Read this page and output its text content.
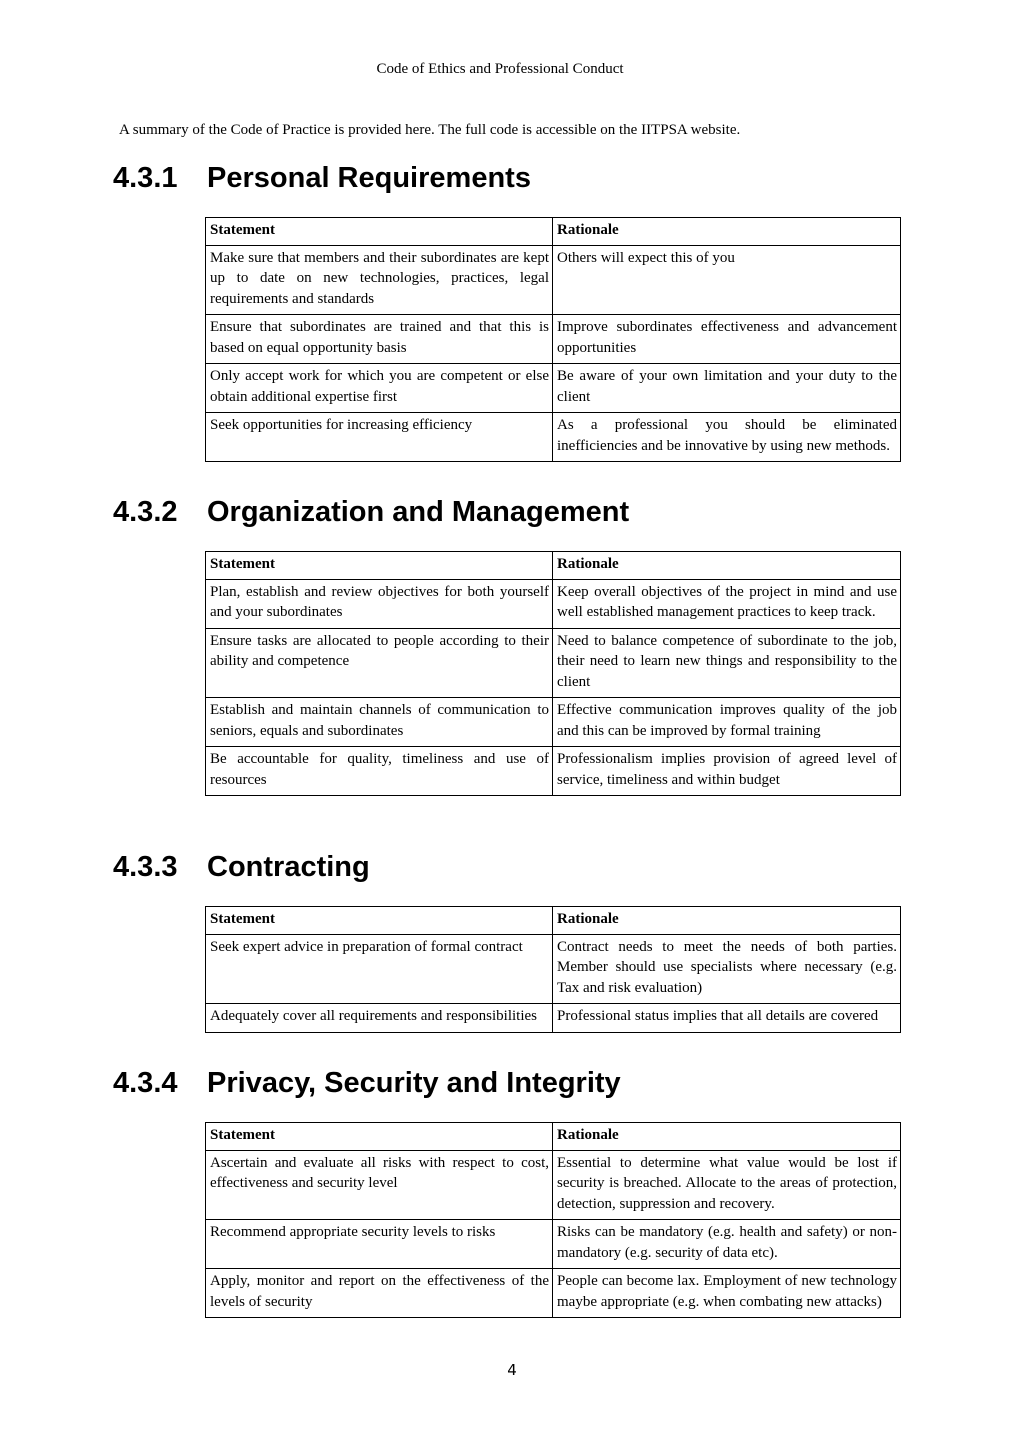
Code of Ethics and Professional Conduct
A summary of the Code of Practice is provided here. The full code is accessible on the IITPSA website.
4.3.1 Personal Requirements
Statement	Rationale
Make sure that members and their subordinates are kept up to date on new technologies, practices, legal requirements and standards	Others will expect this of you
Ensure that subordinates are trained and that this is based on equal opportunity basis	Improve subordinates effectiveness and advancement opportunities
Only accept work for which you are competent or else obtain additional expertise first	Be aware of your own limitation and your duty to the client
Seek opportunities for increasing efficiency	As a professional you should be eliminated inefficiencies and be innovative by using new methods.
4.3.2 Organization and Management
Statement	Rationale
Plan, establish and review objectives for both yourself and your subordinates	Keep overall objectives of the project in mind and use well established management practices to keep track.
Ensure tasks are allocated to people according to their ability and competence	Need to balance competence of subordinate to the job, their need to learn new things and responsibility to the client
Establish and maintain channels of communication to seniors, equals and subordinates	Effective communication improves quality of the job and this can be improved by formal training
Be accountable for quality, timeliness and use of resources	Professionalism implies provision of agreed level of service, timeliness and within budget
4.3.3 Contracting
Statement	Rationale
Seek expert advice in preparation of formal contract	Contract needs to meet the needs of both parties. Member should use specialists where necessary (e.g. Tax and risk evaluation)
Adequately cover all requirements and responsibilities	Professional status implies that all details are covered
4.3.4 Privacy, Security and Integrity
Statement	Rationale
Ascertain and evaluate all risks with respect to cost, effectiveness and security level	Essential to determine what value would be lost if security is breached. Allocate to the areas of protection, detection, suppression and recovery.
Recommend appropriate security levels to risks	Risks can be mandatory (e.g. health and safety) or non-mandatory (e.g. security of data etc).
Apply, monitor and report on the effectiveness of the levels of security	People can become lax. Employment of new technology maybe appropriate (e.g. when combating new attacks)
4
